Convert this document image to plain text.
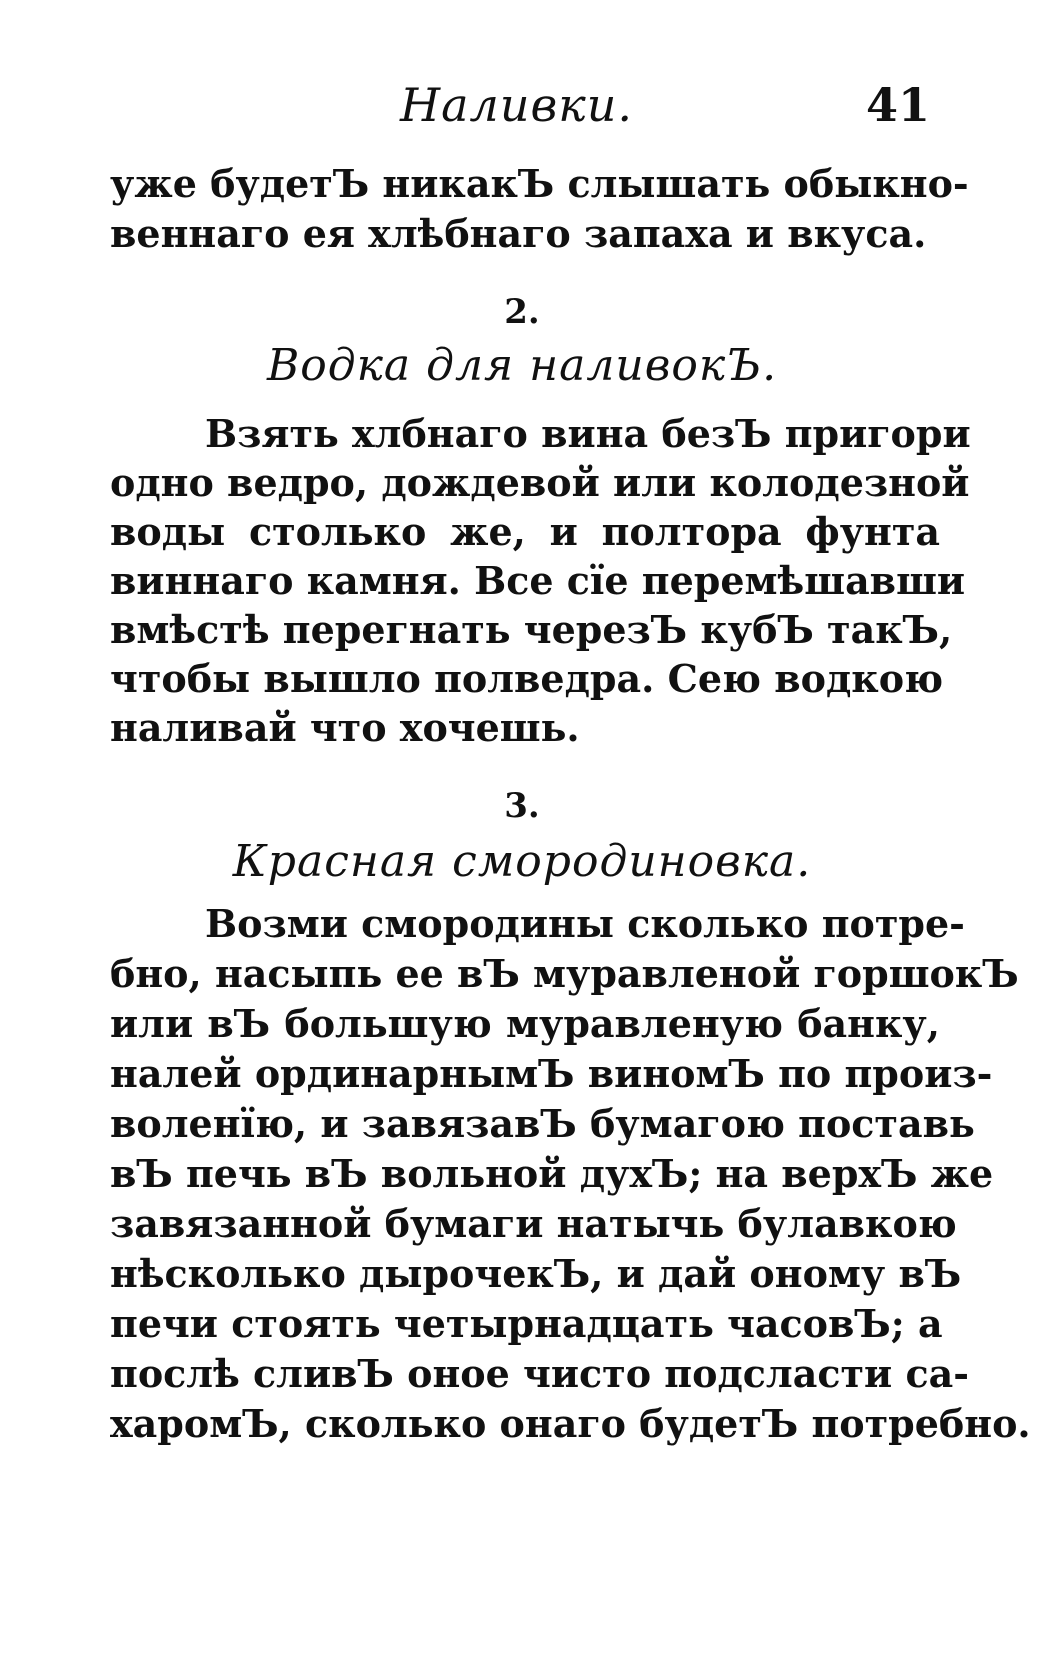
Наливки.	41
уже будетЪ никакЪ слышать обыкно-
веннаго ея хлѣбнаго запаха и вкуса.
2.
Водка для наливокЪ.
Взять хлбнаго вина безЪ пригори
одно ведро, дождевой или колодезной
воды столько же, и полтора фунта
виннаго камня. Все сїе перемѣшавши
вмѣстѣ перегнать черезЪ кубЪ такЪ,
чтобы вышло полведра. Сею водкою
наливай что хочешь.
3.
Красная смородиновка.
Возми смородины сколько потре-
бно, насыпь ее вЪ муравленой горшокЪ
или вЪ большую муравленую банку,
налей ординарнымЪ виномЪ по произ-
воленїю, и завязавЪ бумагою поставь
вЪ печь вЪ вольной духЪ; на верхЪ же
завязанной бумаги натычь булавкою
нѣсколько дырочекЪ, и дай оному вЪ
печи стоять четырнадцать часовЪ; а
послѣ сливЪ оное чисто подсласти са-
харомЪ, сколько онаго будетЪ потребно.
